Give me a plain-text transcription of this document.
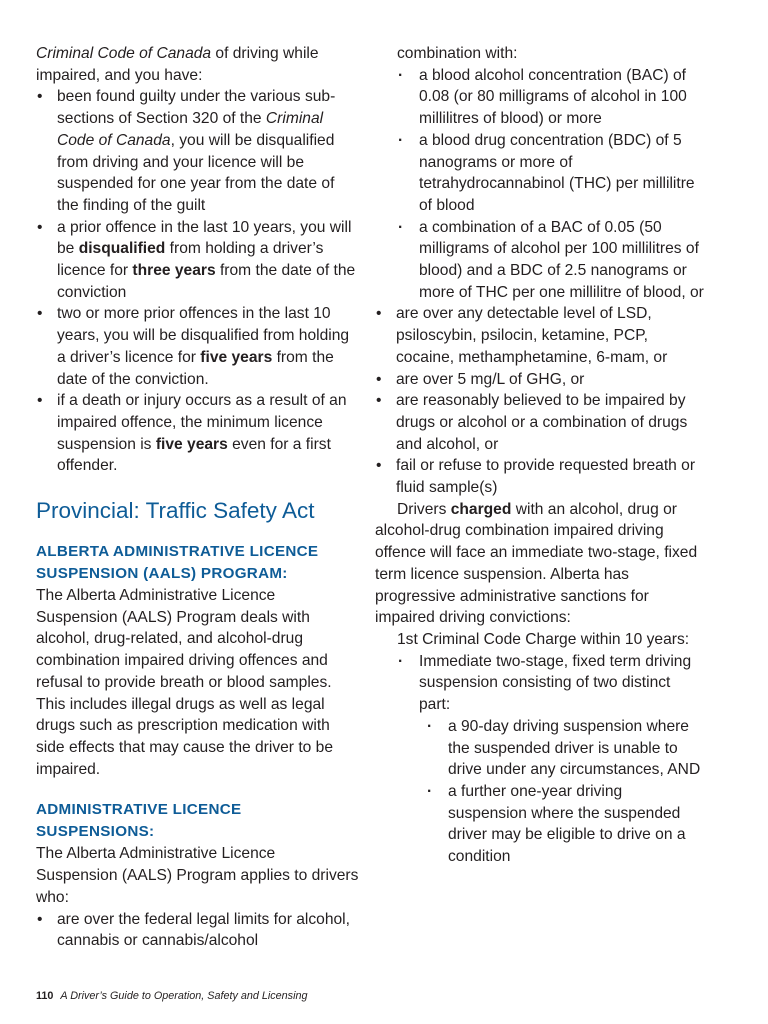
Criminal Code of Canada of driving while impaired, and you have:

• been found guilty under the various sub-sections of Section 320 of the Criminal Code of Canada, you will be disqualified from driving and your licence will be suspended for one year from the date of the finding of the guilt
• a prior offence in the last 10 years, you will be disqualified from holding a driver’s licence for three years from the date of the conviction
• two or more prior offences in the last 10 years, you will be disqualified from holding a driver’s licence for five years from the date of the conviction.
• if a death or injury occurs as a result of an impaired offence, the minimum licence suspension is five years even for a first offender.
Provincial: Traffic Safety Act
ALBERTA ADMINISTRATIVE LICENCE SUSPENSION (AALS) PROGRAM:

The Alberta Administrative Licence Suspension (AALS) Program deals with alcohol, drug-related, and alcohol-drug combination impaired driving offences and refusal to provide breath or blood samples. This includes illegal drugs as well as legal drugs such as prescription medication with side effects that may cause the driver to be impaired.

ADMINISTRATIVE LICENCE SUSPENSIONS:

The Alberta Administrative Licence Suspension (AALS) Program applies to drivers who:

• are over the federal legal limits for alcohol, cannabis or cannabis/alcohol

combination with:

· a blood alcohol concentration (BAC) of 0.08 (or 80 milligrams of alcohol in 100 millilitres of blood) or more
· a blood drug concentration (BDC) of 5 nanograms or more of tetrahydrocannabinol (THC) per millilitre of blood
· a combination of a BAC of 0.05 (50 milligrams of alcohol per 100 millilitres of blood) and a BDC of 2.5 nanograms or more of THC per one millilitre of blood, or
• are over any detectable level of LSD, psiloscybin, psilocin, ketamine, PCP, cocaine, methamphetamine, 6-mam, or
• are over 5 mg/L of GHG, or
• are reasonably believed to be impaired by drugs or alcohol or a combination of drugs and alcohol, or
• fail or refuse to provide requested breath or fluid sample(s)

Drivers charged with an alcohol, drug or alcohol-drug combination impaired driving offence will face an immediate two-stage, fixed term licence suspension. Alberta has progressive administrative sanctions for impaired driving convictions:

1st Criminal Code Charge within 10 years:

· Immediate two-stage, fixed term driving suspension consisting of two distinct part:
· a 90-day driving suspension where the suspended driver is unable to drive under any circumstances, AND
· a further one-year driving suspension where the suspended driver may be eligible to drive on a condition
110 A Driver’s Guide to Operation, Safety and Licensing
